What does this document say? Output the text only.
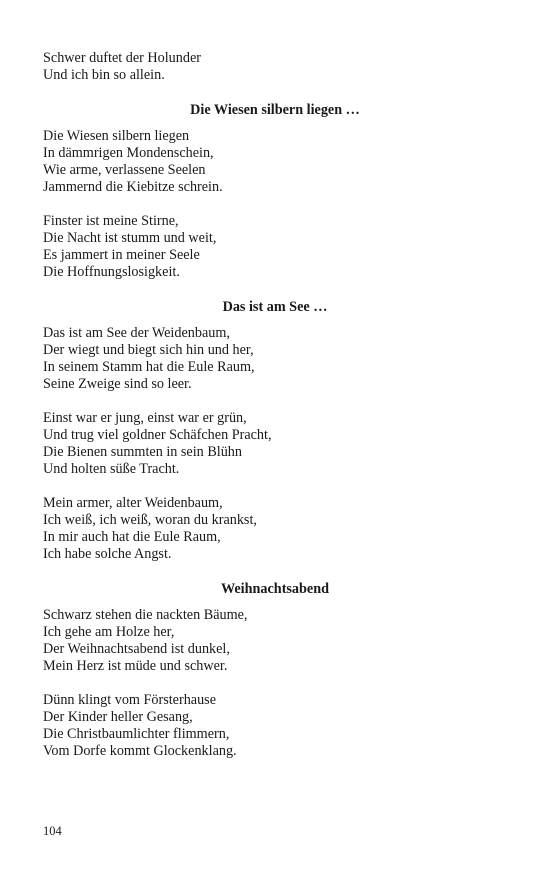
Schwer duftet der Holunder
Und ich bin so allein.
Die Wiesen silbern liegen …
Die Wiesen silbern liegen
In dämmrigen Mondenschein,
Wie arme, verlassene Seelen
Jammernd die Kiebitze schrein.
Finster ist meine Stirne,
Die Nacht ist stumm und weit,
Es jammert in meiner Seele
Die Hoffnungslosigkeit.
Das ist am See …
Das ist am See der Weidenbaum,
Der wiegt und biegt sich hin und her,
In seinem Stamm hat die Eule Raum,
Seine Zweige sind so leer.
Einst war er jung, einst war er grün,
Und trug viel goldner Schäfchen Pracht,
Die Bienen summten in sein Blühn
Und holten süße Tracht.
Mein armer, alter Weidenbaum,
Ich weiß, ich weiß, woran du krankst,
In mir auch hat die Eule Raum,
Ich habe solche Angst.
Weihnachtsabend
Schwarz stehen die nackten Bäume,
Ich gehe am Holze her,
Der Weihnachtsabend ist dunkel,
Mein Herz ist müde und schwer.
Dünn klingt vom Försterhause
Der Kinder heller Gesang,
Die Christbaumlichter flimmern,
Vom Dorfe kommt Glockenklang.
104
